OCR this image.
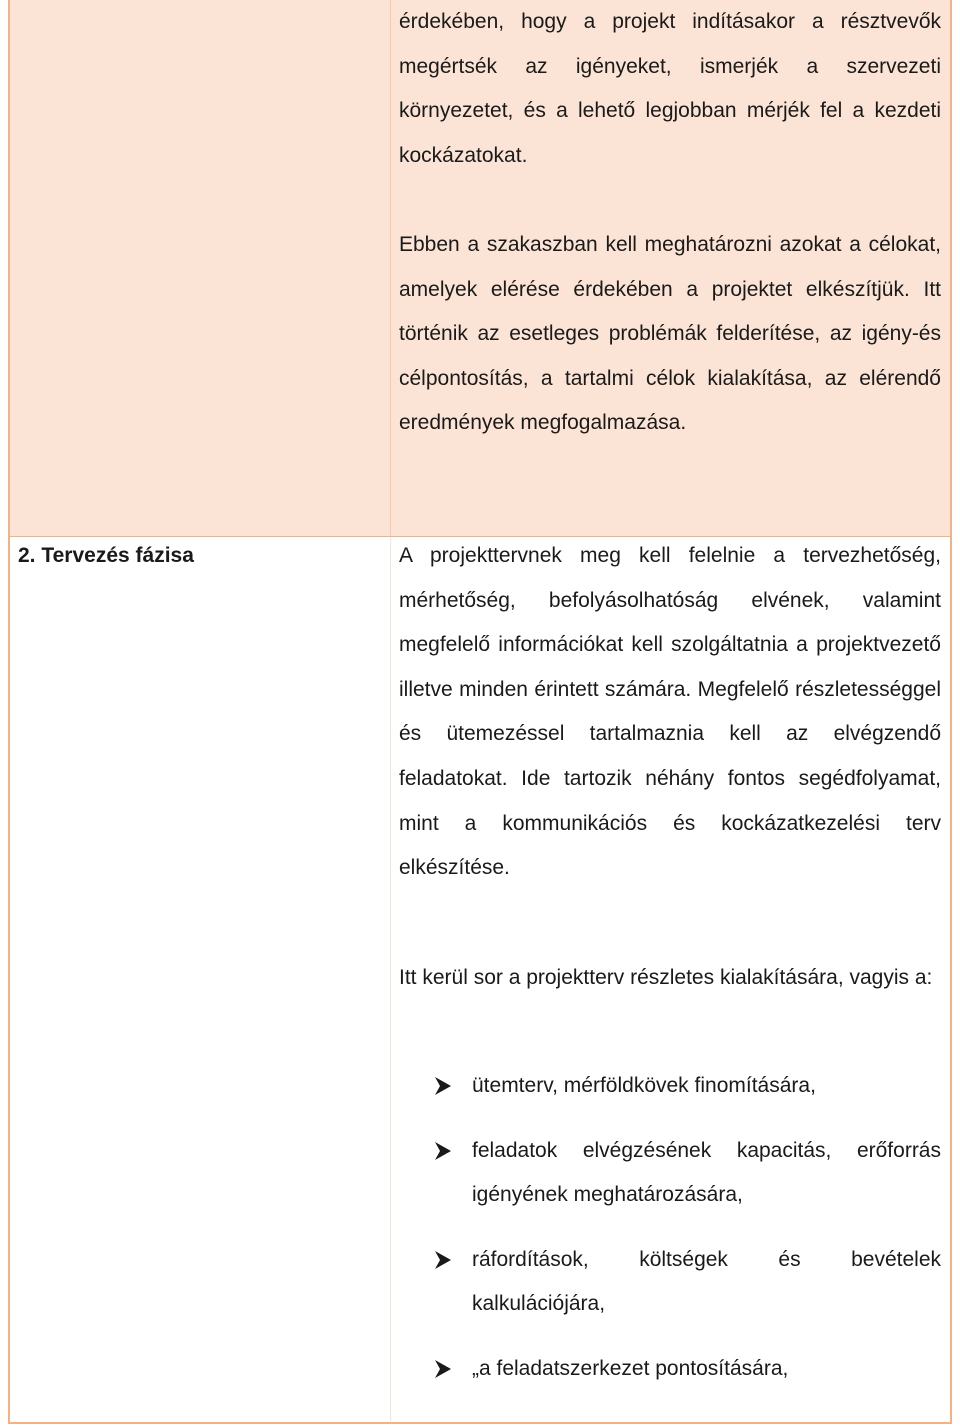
érdekében, hogy a projekt indításakor a résztvevők megértsék az igényeket, ismerjék a szervezeti környezetet, és a lehető legjobban mérjék fel a kezdeti kockázatokat.

Ebben a szakaszban kell meghatározni azokat a célokat, amelyek elérése érdekében a projektet elkészítjük. Itt történik az esetleges problémák felderítése, az igény-és célpontosítás, a tartalmi célok kialakítása, az elérendő eredmények megfogalmazása.

2. Tervezés fázisa	A projekttervnek meg kell felelnie a tervezhetőség, mérhetőség, befolyásolhatóság elvének, valamint megfelelő információkat kell szolgáltatnia a projektvezető illetve minden érintett számára. Megfelelő részletességgel és ütemezéssel tartalmaznia kell az elvégzendő feladatokat. Ide tartozik néhány fontos segédfolyamat, mint a kommunikációs és kockázatkezelési terv elkészítése.

Itt kerül sor a projektterv részletes kialakítására, vagyis a:

ütemterv, mérföldkövek finomítására,
feladatok elvégzésének kapacitás, erőforrás igényének meghatározására,
ráfordítások, költségek és bevételek kalkulációjára,
„a feladatszerkezet pontosítására,
